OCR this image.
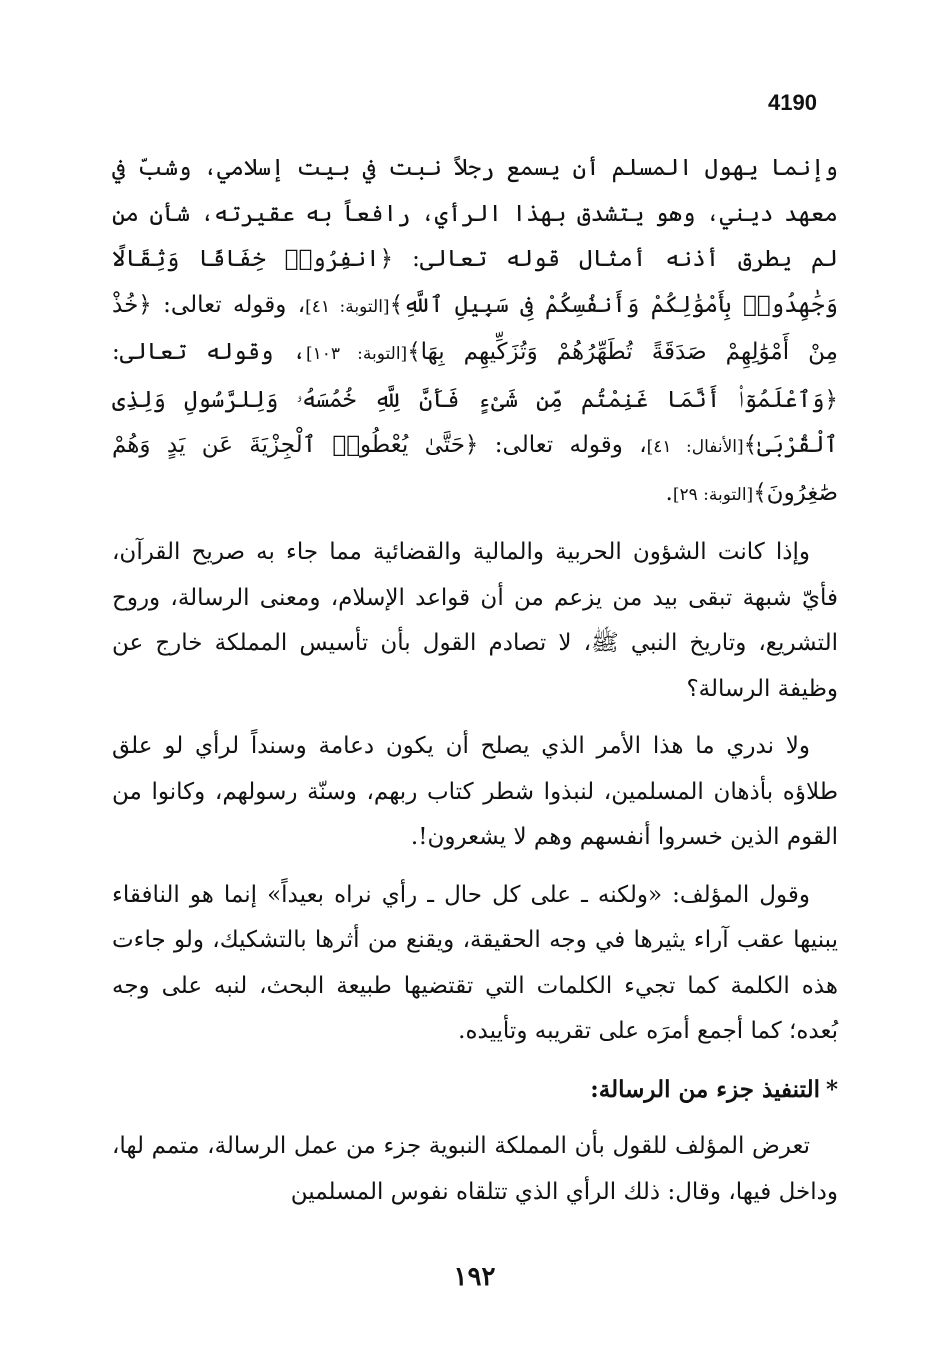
4190

وإنما يهول المسلم أن يسمع رجلاً نبت في بيت إسلامي، وشبّ في معهد ديني، وهو يتشدق بهذا الرأي، رافعاً به عقيرته، شأن من لم يطرق أذنه أمثال قوله تعالى: ﴿انفِرُوا۟ خِفَافًا وَثِقَالًا وَجَٰهِدُوا۟ بِأَمْوَٰلِكُمْ وَأَنفُسِكُمْ فِى سَبِيلِ ٱللَّهِ﴾[التوبة: ٤١]، وقوله تعالى: ﴿خُذْ مِنْ أَمْوَٰلِهِمْ صَدَقَةً تُطَهِّرُهُمْ وَتُزَكِّيهِم بِهَا﴾[التوبة: ١٠٣]، وقوله تعالى: ﴿وَٱعْلَمُوٓا۟ أَنَّمَا غَنِمْتُم مِّن شَىْءٍ فَأَنَّ لِلَّهِ خُمُسَهُۥ وَلِلرَّسُولِ وَلِذِى ٱلْقُرْبَىٰ﴾[الأنفال: ٤١]، وقوله تعالى: ﴿حَتَّىٰ يُعْطُوا۟ ٱلْجِزْيَةَ عَن يَدٍ وَهُمْ صَٰغِرُونَ﴾[التوبة: ٢٩].

وإذا كانت الشؤون الحربية والمالية والقضائية مما جاء به صريح القرآن، فأيّ شبهة تبقى بيد من يزعم من أن قواعد الإسلام، ومعنى الرسالة، وروح التشريع، وتاريخ النبي ﷺ، لا تصادم القول بأن تأسيس المملكة خارج عن وظيفة الرسالة؟

ولا ندري ما هذا الأمر الذي يصلح أن يكون دعامة وسنداً لرأي لو علق طلاؤه بأذهان المسلمين، لنبذوا شطر كتاب ربهم، وسنّة رسولهم، وكانوا من القوم الذين خسروا أنفسهم وهم لا يشعرون!.

وقول المؤلف: «ولكنه ـ على كل حال ـ رأي نراه بعيداً» إنما هو النافقاء يبنيها عقب آراء يثيرها في وجه الحقيقة، ويقنع من أثرها بالتشكيك، ولو جاءت هذه الكلمة كما تجيء الكلمات التي تقتضيها طبيعة البحث، لنبه على وجه بُعده؛ كما أجمع أمرَه على تقريبه وتأييده.

*التنفيذ جزء من الرسالة:

تعرض المؤلف للقول بأن المملكة النبوية جزء من عمل الرسالة، متمم لها، وداخل فيها، وقال: ذلك الرأي الذي تتلقاه نفوس المسلمين

١٩٢
